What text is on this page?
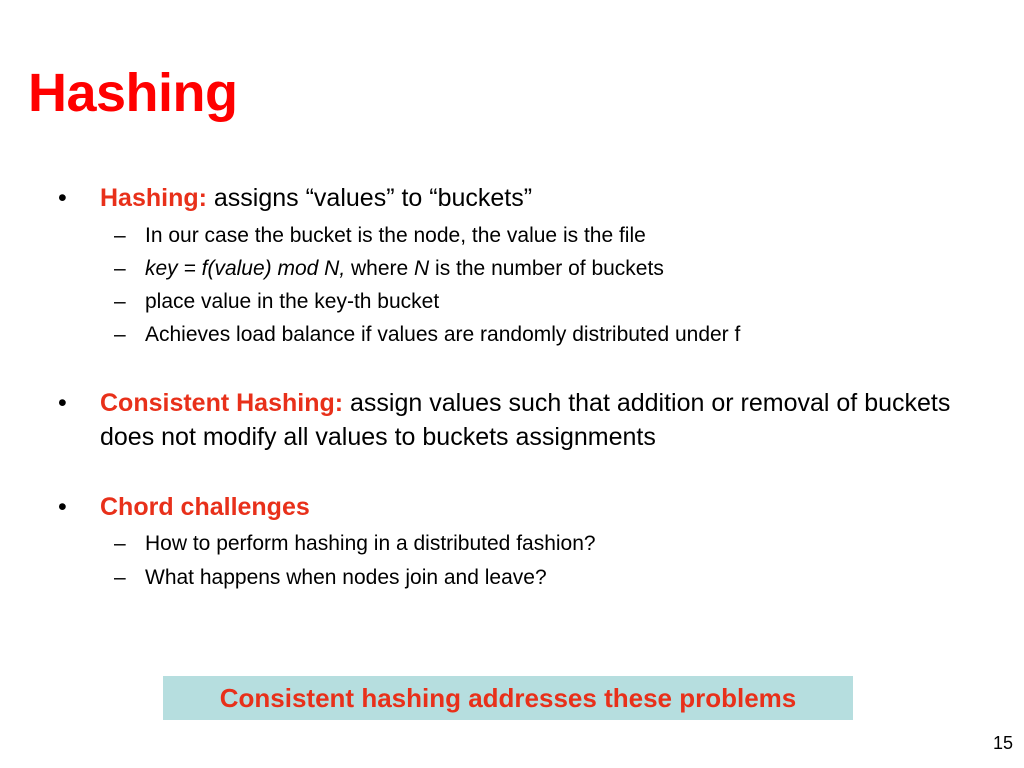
Hashing
• Hashing: assigns “values” to “buckets”
– In our case the bucket is the node, the value is the file
– key = f(value) mod N, where N is the number of buckets
– place value in the key-th bucket
– Achieves load balance if values are randomly distributed under f
• Consistent Hashing: assign values such that addition or removal of buckets does not modify all values to buckets assignments
• Chord challenges
– How to perform hashing in a distributed fashion?
– What happens when nodes join and leave?
Consistent hashing addresses these problems
15
